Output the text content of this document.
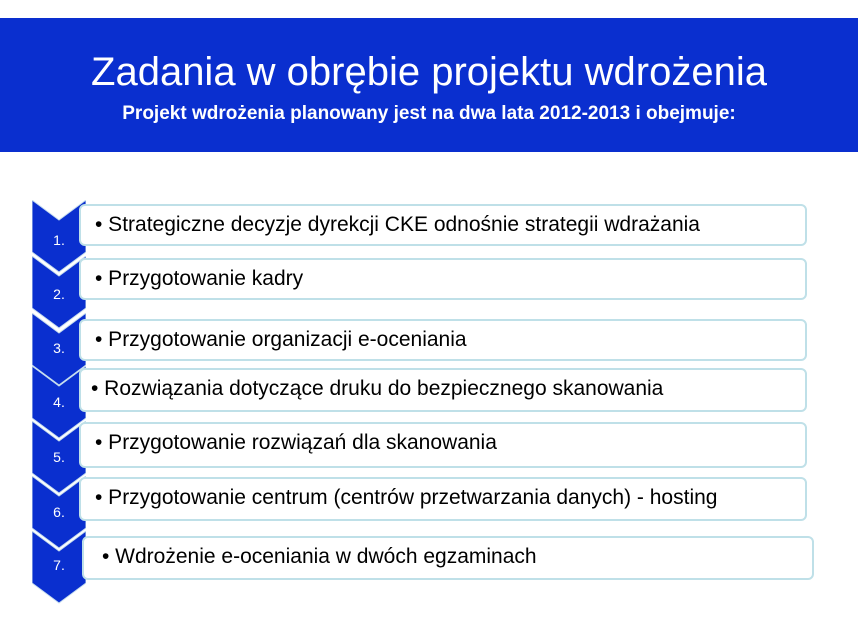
Zadania w obrębie projektu wdrożenia
Projekt wdrożenia planowany jest na dwa lata 2012-2013 i obejmuje:
1.
• Strategiczne decyzje dyrekcji CKE odnośnie strategii wdrażania
2.
• Przygotowanie kadry
3.	• Przygotowanie organizacji e-oceniania
4.
• Rozwiązania dotyczące druku do bezpiecznego skanowania
5.
• Przygotowanie rozwiązań dla skanowania
6.
• Przygotowanie centrum (centrów przetwarzania danych) - hosting
7.	• Wdrożenie e-oceniania w dwóch egzaminach
